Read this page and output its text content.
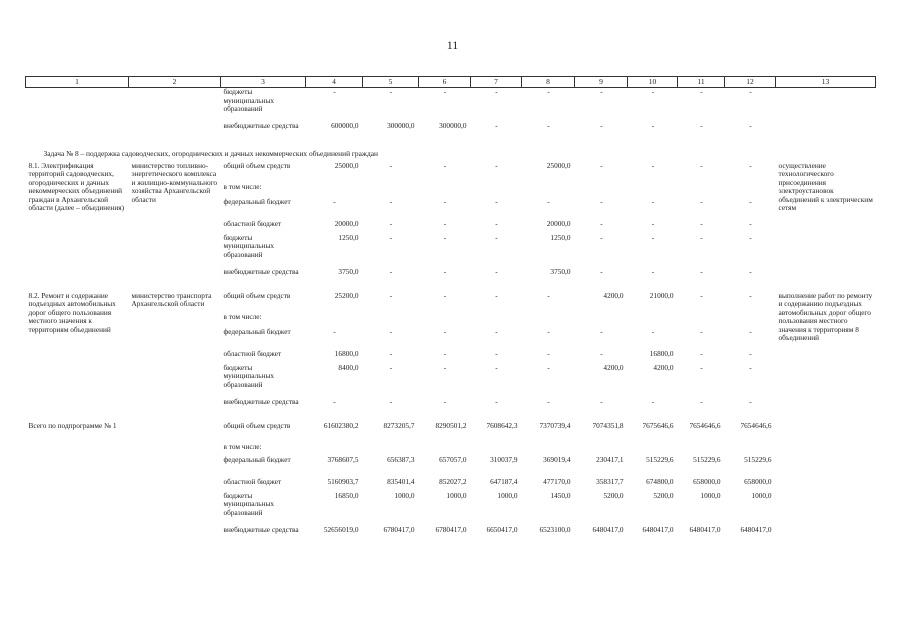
11
1	2	3	4	5	6	7	8	9	10	11	12	13
		бюджеты муниципальных образований	-	-	-	-	-	-	-	-	-	
		внебюджетные средства	600000,0	300000,0	300000,0	-	-	-	-	-	-	
Задача № 8 – поддержка садоводческих, огороднических и дачных некоммерческих объединений граждан												
8.1. Электрификация территорий садоводческих, огороднических и дачных некоммерческих объединений граждан в Архангельской области (далее – объединения)	министерство топливно-энергетического комплекса и жилищно-коммунального хозяйства Архангельской области	общий объем средств	25000,0	-	-	-	25000,0	-	-	-	-	осуществление технологического присоединения электроустановок объединений к электрическим сетям
		в том числе:										
		федеральный бюджет	-	-	-	-	-	-	-	-	-	
		областной бюджет	20000,0	-	-	-	20000,0	-	-	-	-	
		бюджеты муниципальных образований	1250,0	-	-	-	1250,0	-	-	-	-	
		внебюджетные средства	3750,0	-	-	-	3750,0	-	-	-	-	
8.2. Ремонт и содержание подъездных автомобильных дорог общего пользования местного значения к территориям объединений	министерство транспорта Архангельской области	общий объем средств	25200,0	-	-	-	-	4200,0	21000,0	-	-	выполнение работ по ремонту и содержанию подъездных автомобильных дорог общего пользования местного значения к территориям 8 объединений
		в том числе:										
		федеральный бюджет	-	-	-	-	-	-	-	-	-	
		областной бюджет	16800,0	-	-	-	-	-	16800,0	-	-	
		бюджеты муниципальных образований	8400,0	-	-	-	-	4200,0	4200,0	-	-	
		внебюджетные средства	-	-	-	-	-	-	-	-	-	
Всего по подпрограмме № 1		общий объем средств	61602380,2	8273205,7	8290501,2	7608642,3	7370739,4	7074351,8	7675646,6	7654646,6	7654646,6	
		в том числе:										
		федеральный бюджет	3768607,5	656387,3	657057,0	310037,9	369019,4	230417,1	515229,6	515229,6	515229,6	
		областной бюджет	5160903,7	835401,4	852027,2	647187,4	477170,0	358317,7	674800,0	658000,0	658000,0	
		бюджеты муниципальных образований	16850,0	1000,0	1000,0	1000,0	1450,0	5200,0	5200,0	1000,0	1000,0	
		внебюджетные средства	52656019,0	6780417,0	6780417,0	6650417,0	6523100,0	6480417,0	6480417,0	6480417,0	6480417,0	
